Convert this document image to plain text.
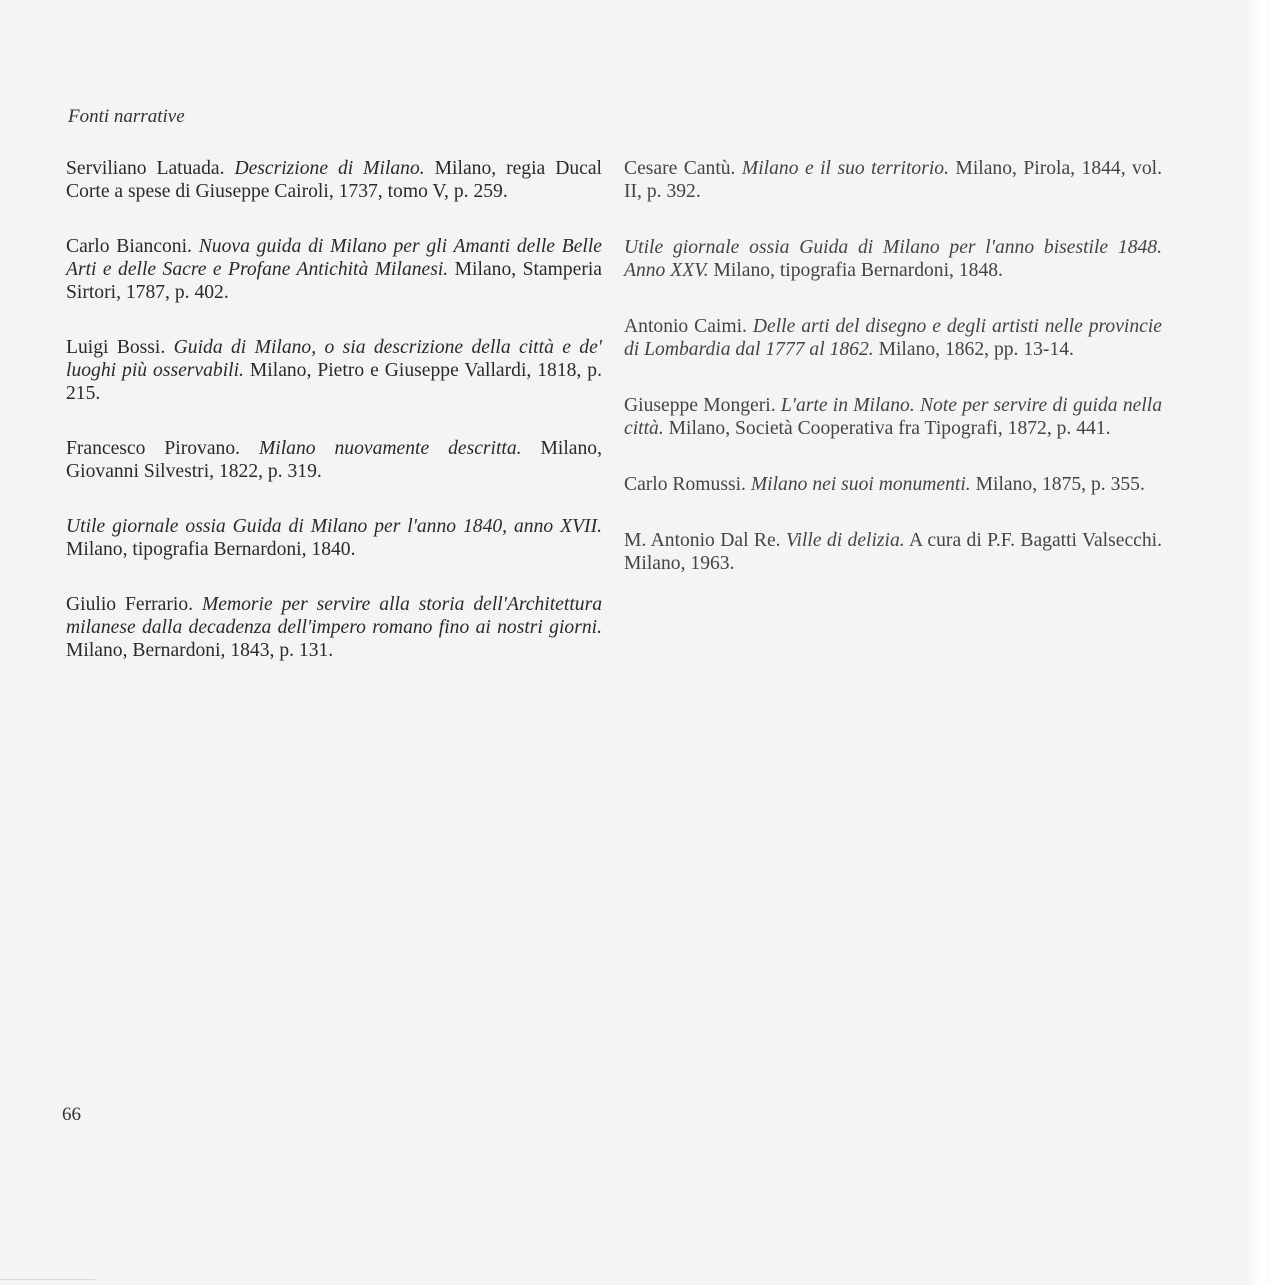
Fonti narrative

Serviliano Latuada. Descrizione di Milano. Milano, regia Ducal Corte a spese di Giuseppe Cairoli, 1737, tomo V, p. 259.

Carlo Bianconi. Nuova guida di Milano per gli Amanti delle Belle Arti e delle Sacre e Profane Antichità Milanesi. Milano, Stamperia Sirtori, 1787, p. 402.

Luigi Bossi. Guida di Milano, o sia descrizione della città e de' luoghi più osservabili. Milano, Pietro e Giuseppe Vallardi, 1818, p. 215.

Francesco Pirovano. Milano nuovamente descritta. Milano, Giovanni Silvestri, 1822, p. 319.

Utile giornale ossia Guida di Milano per l'anno 1840, anno XVII. Milano, tipografia Bernardoni, 1840.

Giulio Ferrario. Memorie per servire alla storia dell'Architettura milanese dalla decadenza dell'impero romano fino ai nostri giorni. Milano, Bernardoni, 1843, p. 131.

Cesare Cantù. Milano e il suo territorio. Milano, Pirola, 1844, vol. II, p. 392.

Utile giornale ossia Guida di Milano per l'anno bisestile 1848. Anno XXV. Milano, tipografia Bernardoni, 1848.

Antonio Caimi. Delle arti del disegno e degli artisti nelle provincie di Lombardia dal 1777 al 1862. Milano, 1862, pp. 13-14.

Giuseppe Mongeri. L'arte in Milano. Note per servire di guida nella città. Milano, Società Cooperativa fra Tipografi, 1872, p. 441.

Carlo Romussi. Milano nei suoi monumenti. Milano, 1875, p. 355.

M. Antonio Dal Re. Ville di delizia. A cura di P.F. Bagatti Valsecchi. Milano, 1963.

66
